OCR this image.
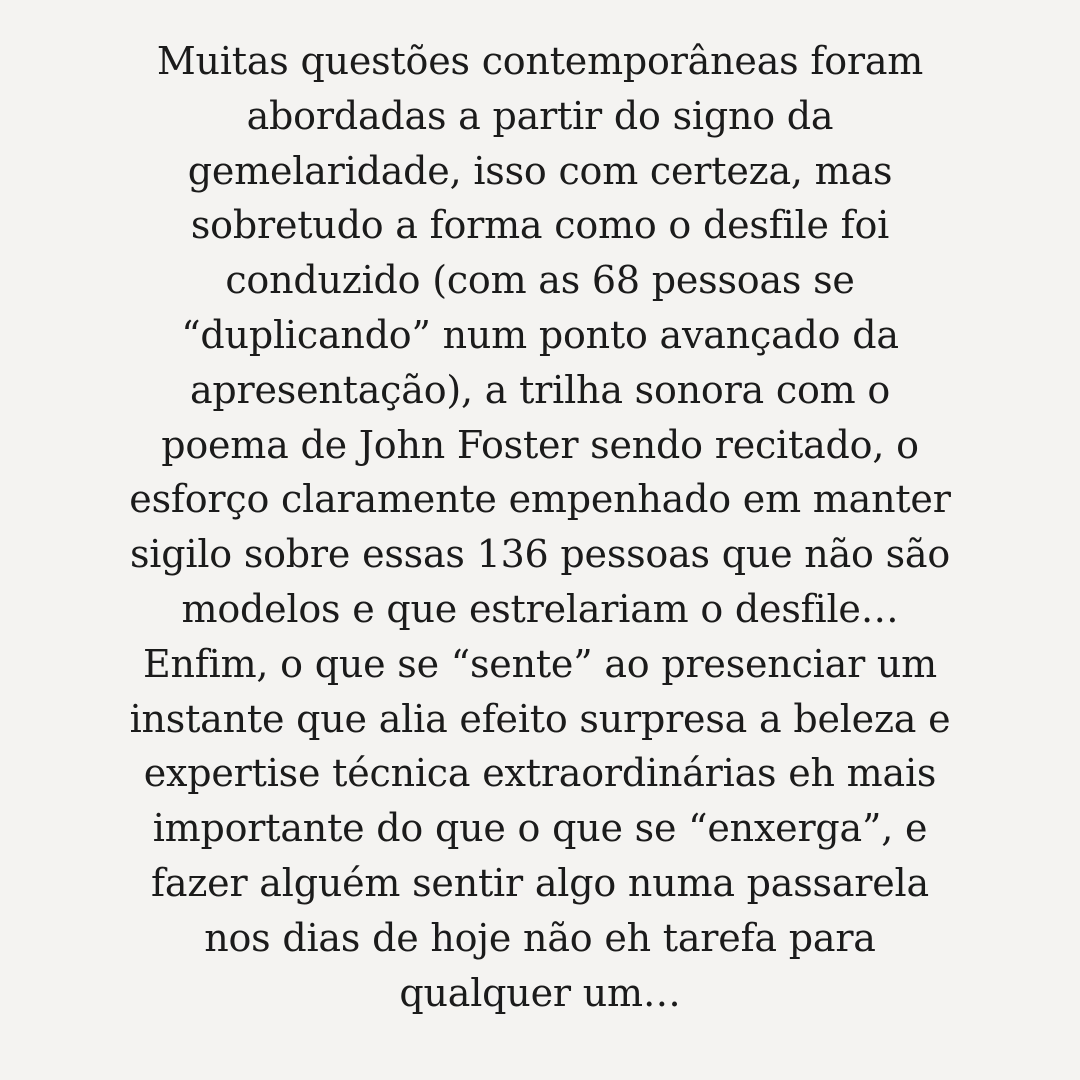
Muitas questões contemporâneas foram
abordadas a partir do signo da
gemelaridade, isso com certeza, mas
sobretudo a forma como o desfile foi
conduzido (com as 68 pessoas se
“duplicando” num ponto avançado da
apresentação), a trilha sonora com o
poema de John Foster sendo recitado, o
esforço claramente empenhado em manter
sigilo sobre essas 136 pessoas que não são
modelos e que estrelariam o desfile…
Enfim, o que se “sente” ao presenciar um
instante que alia efeito surpresa a beleza e
expertise técnica extraordinárias eh mais
importante do que o que se “enxerga”, e
fazer alguém sentir algo numa passarela
nos dias de hoje não eh tarefa para
qualquer um…
